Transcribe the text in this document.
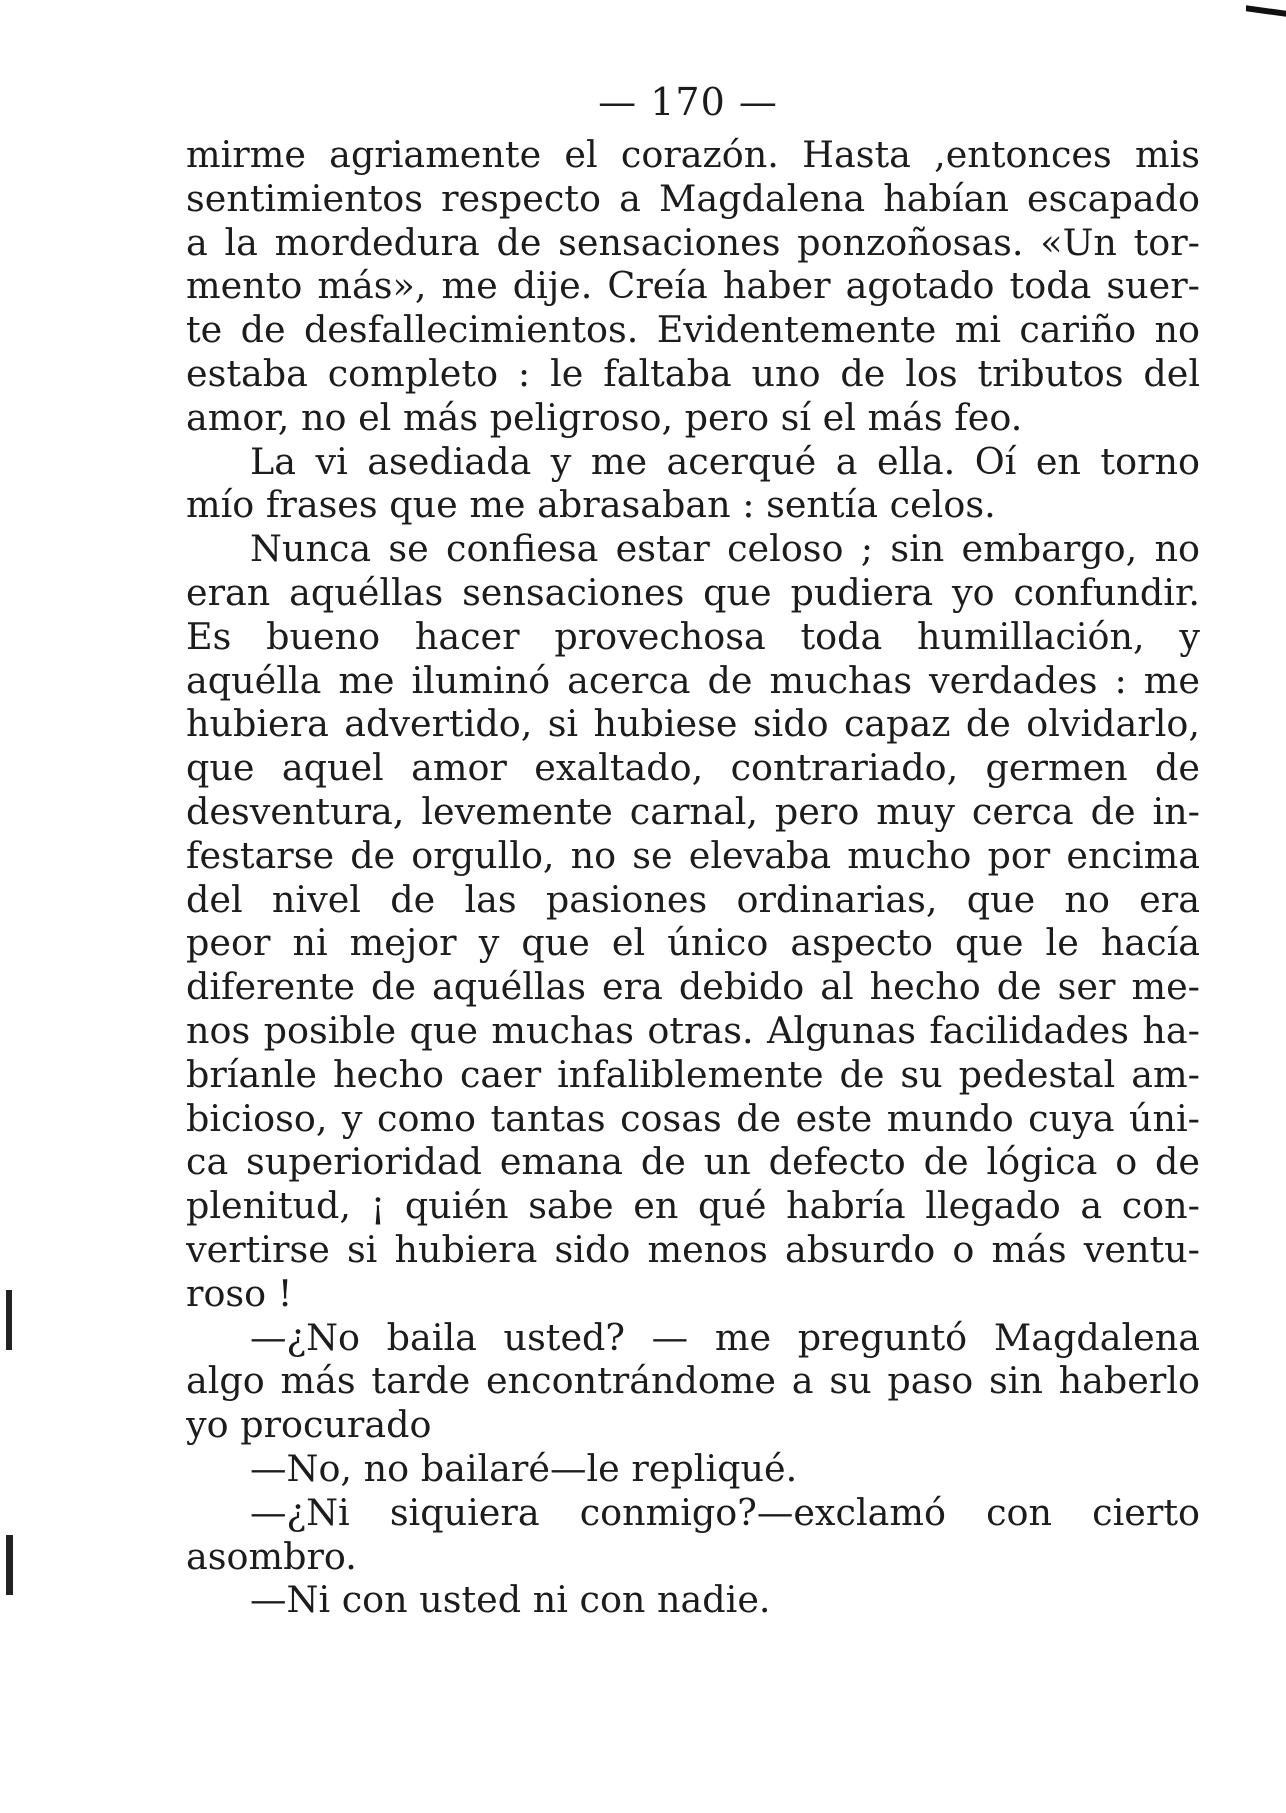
— 170 —
mirme agriamente el corazón. Hasta ,entonces mis
sentimientos respecto a Magdalena habían escapado
a la mordedura de sensaciones ponzoñosas. «Un tor-
mento más», me dije. Creía haber agotado toda suer-
te de desfallecimientos. Evidentemente mi cariño no
estaba completo : le faltaba uno de los tributos del
amor, no el más peligroso, pero sí el más feo.
La vi asediada y me acerqué a ella. Oí en torno
mío frases que me abrasaban : sentía celos.
Nunca se confiesa estar celoso ; sin embargo, no
eran aquéllas sensaciones que pudiera yo confundir.
Es bueno hacer provechosa toda humillación, y
aquélla me iluminó acerca de muchas verdades : me
hubiera advertido, si hubiese sido capaz de olvidarlo,
que aquel amor exaltado, contrariado, germen de
desventura, levemente carnal, pero muy cerca de in-
festarse de orgullo, no se elevaba mucho por encima
del nivel de las pasiones ordinarias, que no era
peor ni mejor y que el único aspecto que le hacía
diferente de aquéllas era debido al hecho de ser me-
nos posible que muchas otras. Algunas facilidades ha-
bríanle hecho caer infaliblemente de su pedestal am-
bicioso, y como tantas cosas de este mundo cuya úni-
ca superioridad emana de un defecto de lógica o de
plenitud, ¡ quién sabe en qué habría llegado a con-
vertirse si hubiera sido menos absurdo o más ventu-
roso !
—¿No baila usted? — me preguntó Magdalena
algo más tarde encontrándome a su paso sin haberlo
yo procurado
—No, no bailaré—le repliqué.
—¿Ni siquiera conmigo?—exclamó con cierto
asombro.
—Ni con usted ni con nadie.
